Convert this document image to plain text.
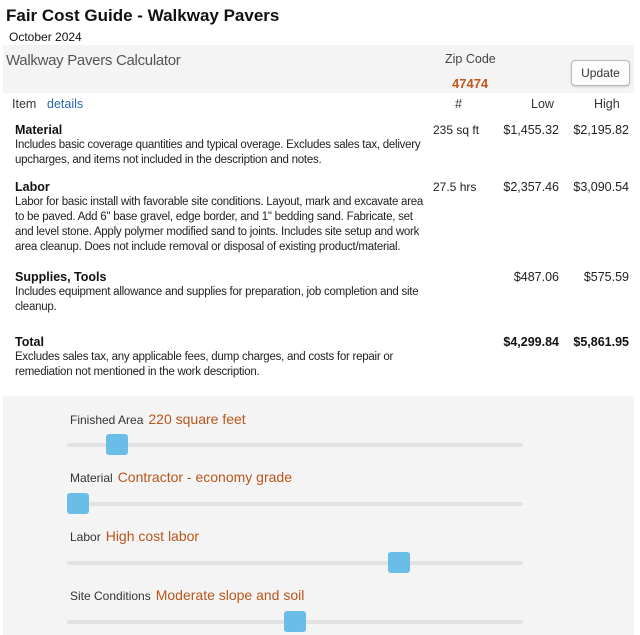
Fair Cost Guide - Walkway Pavers
October 2024
Walkway Pavers Calculator	Zip Code
47474
Update
Item details	#	Low	High
Material
Includes basic coverage quantities and typical overage. Excludes sales tax, delivery upcharges, and items not included in the description and notes.
235 sq ft $1,455.32 $2,195.82
Labor
Labor for basic install with favorable site conditions. Layout, mark and excavate area to be paved. Add 6" base gravel, edge border, and 1" bedding sand. Fabricate, set and level stone. Apply polymer modified sand to joints. Includes site setup and work area cleanup. Does not include removal or disposal of existing product/material.
27.5 hrs $2,357.46 $3,090.54
Supplies, Tools
Includes equipment allowance and supplies for preparation, job completion and site cleanup.
$487.06 $575.59
Total
Excludes sales tax, any applicable fees, dump charges, and costs for repair or remediation not mentioned in the work description.
$4,299.84 $5,861.95
Finished Area 220 square feet
Material Contractor - economy grade
Labor High cost labor
Site Conditions Moderate slope and soil
